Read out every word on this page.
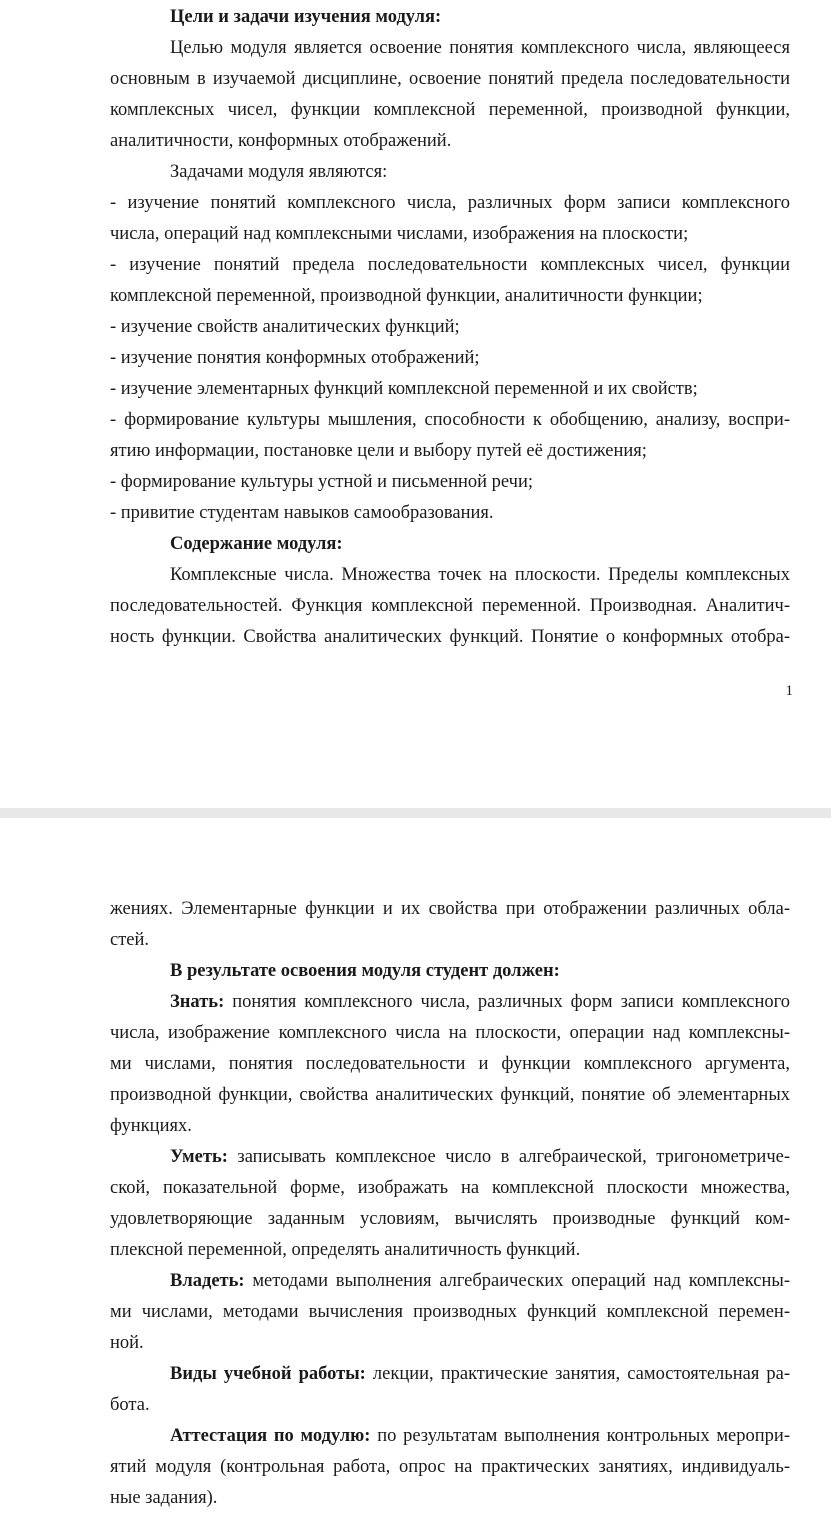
Цели и задачи изучения модуля:
Целью модуля является освоение понятия комплексного числа, являющееся
основным в изучаемой дисциплине, освоение понятий предела последовательности
комплексных чисел, функции комплексной переменной, производной функции,
аналитичности, конформных отображений.
Задачами модуля являются:
- изучение понятий комплексного числа, различных форм записи комплексного
числа, операций над комплексными числами, изображения на плоскости;
- изучение понятий предела последовательности комплексных чисел, функции
комплексной переменной, производной функции, аналитичности функции;
- изучение свойств аналитических функций;
- изучение понятия конформных отображений;
- изучение элементарных функций комплексной переменной и их свойств;
- формирование культуры мышления, способности к обобщению, анализу, воспри-
ятию информации, постановке цели и выбору путей её достижения;
- формирование культуры устной и письменной речи;
- привитие студентам навыков самообразования.
Содержание модуля:
Комплексные числа. Множества точек на плоскости. Пределы комплексных
последовательностей. Функция комплексной переменной. Производная. Аналитич-
ность функции. Свойства аналитических функций. Понятие о конформных отобра-
1
жениях. Элементарные функции и их свойства при отображении различных обла-
стей.
В результате освоения модуля студент должен:
Знать: понятия комплексного числа, различных форм записи комплексного
числа, изображение комплексного числа на плоскости, операции над комплексны-
ми числами, понятия последовательности и функции комплексного аргумента,
производной функции, свойства аналитических функций, понятие об элементарных
функциях.
Уметь: записывать комплексное число в алгебраической, тригонометриче-
ской, показательной форме, изображать на комплексной плоскости множества,
удовлетворяющие заданным условиям, вычислять производные функций ком-
плексной переменной, определять аналитичность функций.
Владеть: методами выполнения алгебраических операций над комплексны-
ми числами, методами вычисления производных функций комплексной перемен-
ной.
Виды учебной работы: лекции, практические занятия, самостоятельная ра-
бота.
Аттестация по модулю: по результатам выполнения контрольных меропри-
ятий модуля (контрольная работа, опрос на практических занятиях, индивидуаль-
ные задания).
